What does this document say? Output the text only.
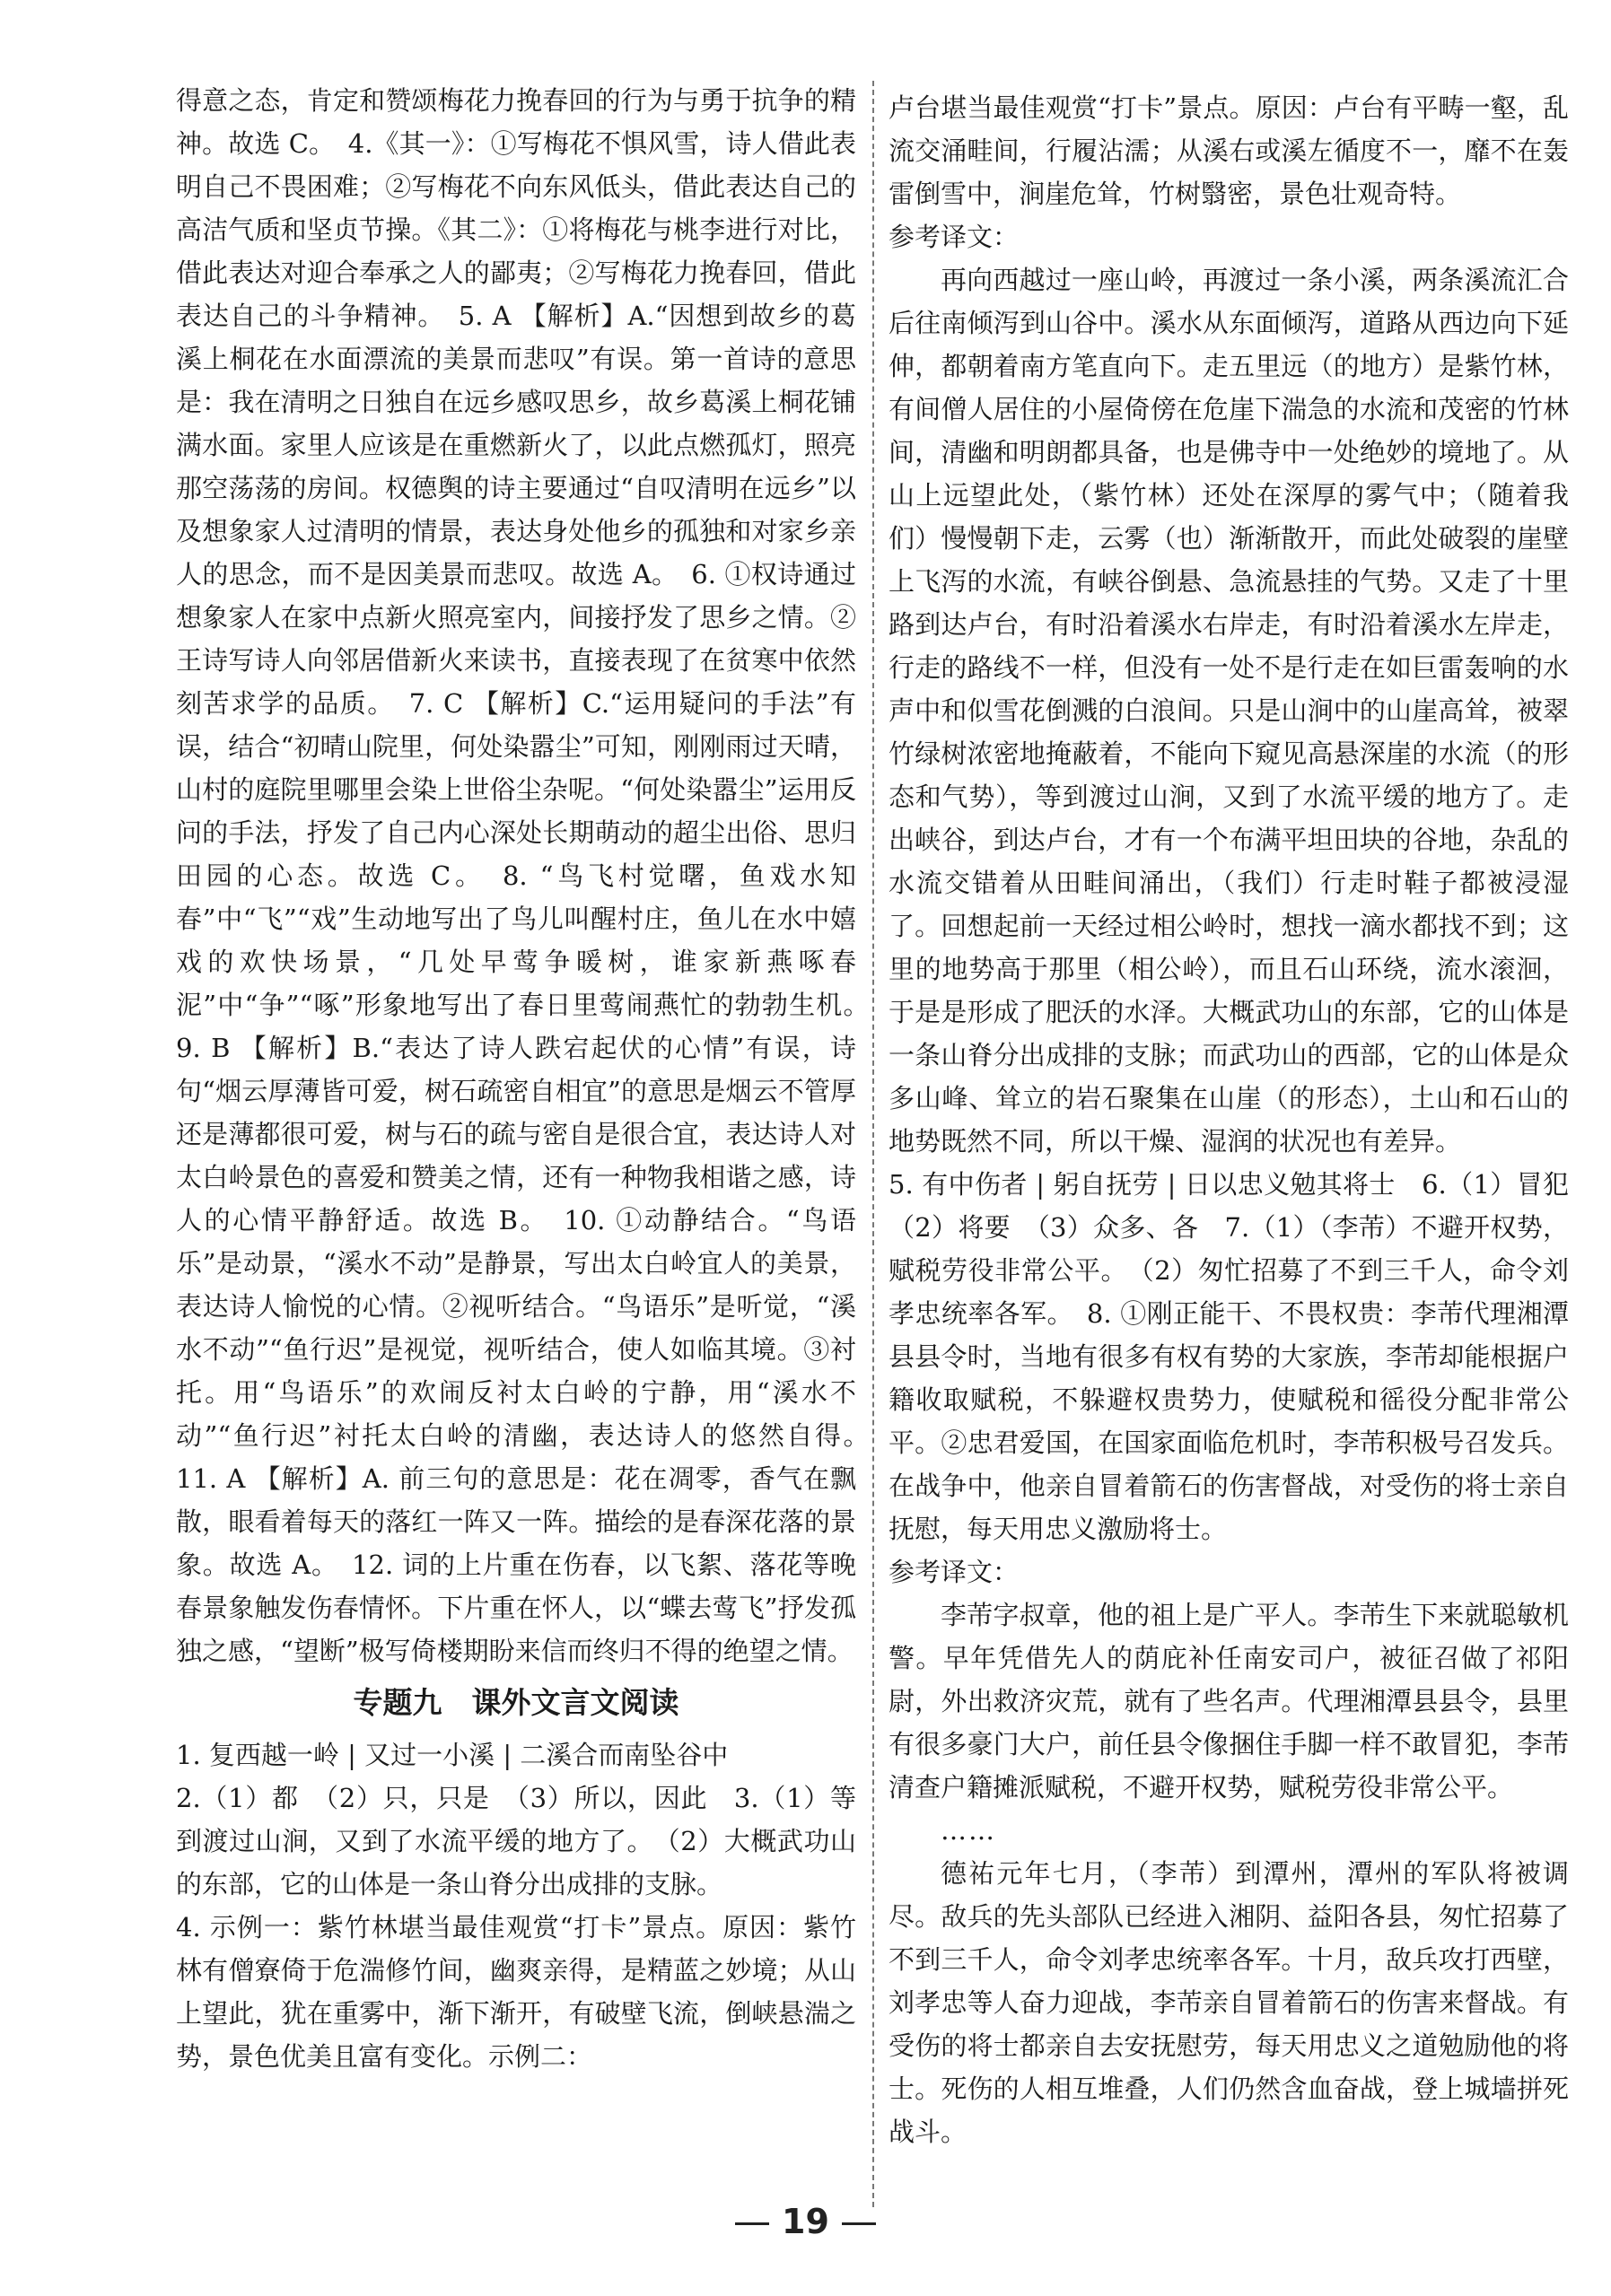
得意之态，肯定和赞颂梅花力挽春回的行为与勇于抗争的精神。故选 C。　4.《其一》：①写梅花不惧风雪，诗人借此表明自己不畏困难；②写梅花不向东风低头，借此表达自己的高洁气质和坚贞节操。《其二》：①将梅花与桃李进行对比，借此表达对迎合奉承之人的鄙夷；②写梅花力挽春回，借此表达自己的斗争精神。　5. A 【解析】A.“因想到故乡的葛溪上桐花在水面漂流的美景而悲叹”有误。第一首诗的意思是：我在清明之日独自在远乡感叹思乡，故乡葛溪上桐花铺满水面。家里人应该是在重燃新火了，以此点燃孤灯，照亮那空荡荡的房间。权德舆的诗主要通过“自叹清明在远乡”以及想象家人过清明的情景，表达身处他乡的孤独和对家乡亲人的思念，而不是因美景而悲叹。故选 A。　6. ①权诗通过想象家人在家中点新火照亮室内，间接抒发了思乡之情。②王诗写诗人向邻居借新火来读书，直接表现了在贫寒中依然刻苦求学的品质。　7. C 【解析】C.“运用疑问的手法”有误，结合“初晴山院里，何处染嚣尘”可知，刚刚雨过天晴，山村的庭院里哪里会染上世俗尘杂呢。“何处染嚣尘”运用反问的手法，抒发了自己内心深处长期萌动的超尘出俗、思归田园的心态。故选 C。　8. “鸟飞村觉曙，鱼戏水知春”中“飞”“戏”生动地写出了鸟儿叫醒村庄，鱼儿在水中嬉戏的欢快场景，“几处早莺争暖树，谁家新燕啄春泥”中“争”“啄”形象地写出了春日里莺闹燕忙的勃勃生机。　9. B 【解析】B.“表达了诗人跌宕起伏的心情”有误，诗句“烟云厚薄皆可爱，树石疏密自相宜”的意思是烟云不管厚还是薄都很可爱，树与石的疏与密自是很合宜，表达诗人对太白岭景色的喜爱和赞美之情，还有一种物我相谐之感，诗人的心情平静舒适。故选 B。　10. ①动静结合。“鸟语乐”是动景，“溪水不动”是静景，写出太白岭宜人的美景，表达诗人愉悦的心情。②视听结合。“鸟语乐”是听觉，“溪水不动”“鱼行迟”是视觉，视听结合，使人如临其境。③衬托。用“鸟语乐”的欢闹反衬太白岭的宁静，用“溪水不动”“鱼行迟”衬托太白岭的清幽，表达诗人的悠然自得。　11. A 【解析】A. 前三句的意思是：花在凋零，香气在飘散，眼看着每天的落红一阵又一阵。描绘的是春深花落的景象。故选 A。　12. 词的上片重在伤春，以飞絮、落花等晚春景象触发伤春情怀。下片重在怀人，以“蝶去莺飞”抒发孤独之感，“望断”极写倚楼期盼来信而终归不得的绝望之情。

专题九　课外文言文阅读

1. 复西越一岭 | 又过一小溪 | 二溪合而南坠谷中

2.（1）都　（2）只，只是　（3）所以，因此　3.（1）等到渡过山涧，又到了水流平缓的地方了。　（2）大概武功山的东部，它的山体是一条山脊分出成排的支脉。

4. 示例一：紫竹林堪当最佳观赏“打卡”景点。原因：紫竹林有僧寮倚于危湍修竹间，幽爽亲得，是精蓝之妙境；从山上望此，犹在重雾中，渐下渐开，有破壁飞流，倒峡悬湍之势，景色优美且富有变化。示例二：

卢台堪当最佳观赏“打卡”景点。原因：卢台有平畴一壑，乱流交涌畦间，行履沾濡；从溪右或溪左循度不一，靡不在轰雷倒雪中，涧崖危耸，竹树翳密，景色壮观奇特。

参考译文：

再向西越过一座山岭，再渡过一条小溪，两条溪流汇合后往南倾泻到山谷中。溪水从东面倾泻，道路从西边向下延伸，都朝着南方笔直向下。走五里远（的地方）是紫竹林，有间僧人居住的小屋倚傍在危崖下湍急的水流和茂密的竹林间，清幽和明朗都具备，也是佛寺中一处绝妙的境地了。从山上远望此处，（紫竹林）还处在深厚的雾气中；（随着我们）慢慢朝下走，云雾（也）渐渐散开，而此处破裂的崖壁上飞泻的水流，有峡谷倒悬、急流悬挂的气势。又走了十里路到达卢台，有时沿着溪水右岸走，有时沿着溪水左岸走，行走的路线不一样，但没有一处不是行走在如巨雷轰响的水声中和似雪花倒溅的白浪间。只是山涧中的山崖高耸，被翠竹绿树浓密地掩蔽着，不能向下窥见高悬深崖的水流（的形态和气势），等到渡过山涧，又到了水流平缓的地方了。走出峡谷，到达卢台，才有一个布满平坦田块的谷地，杂乱的水流交错着从田畦间涌出，（我们）行走时鞋子都被浸湿了。回想起前一天经过相公岭时，想找一滴水都找不到；这里的地势高于那里（相公岭），而且石山环绕，流水滚洄，于是是形成了肥沃的水泽。大概武功山的东部，它的山体是一条山脊分出成排的支脉；而武功山的西部，它的山体是众多山峰、耸立的岩石聚集在山崖（的形态），土山和石山的地势既然不同，所以干燥、湿润的状况也有差异。

5. 有中伤者 | 躬自抚劳 | 日以忠义勉其将士　6.（1）冒犯　（2）将要　（3）众多、各　7.（1）（李芾）不避开权势，赋税劳役非常公平。　（2）匆忙招募了不到三千人，命令刘孝忠统率各军。　8. ①刚正能干、不畏权贵：李芾代理湘潭县县令时，当地有很多有权有势的大家族，李芾却能根据户籍收取赋税，不躲避权贵势力，使赋税和徭役分配非常公平。②忠君爱国，在国家面临危机时，李芾积极号召发兵。在战争中，他亲自冒着箭石的伤害督战，对受伤的将士亲自抚慰，每天用忠义激励将士。

参考译文：

李芾字叔章，他的祖上是广平人。李芾生下来就聪敏机警。早年凭借先人的荫庇补任南安司户，被征召做了祁阳尉，外出救济灾荒，就有了些名声。代理湘潭县县令，县里有很多豪门大户，前任县令像捆住手脚一样不敢冒犯，李芾清查户籍摊派赋税，不避开权势，赋税劳役非常公平。

……

德祐元年七月，（李芾）到潭州，潭州的军队将被调尽。敌兵的先头部队已经进入湘阴、益阳各县，匆忙招募了不到三千人，命令刘孝忠统率各军。十月，敌兵攻打西壁，刘孝忠等人奋力迎战，李芾亲自冒着箭石的伤害来督战。有受伤的将士都亲自去安抚慰劳，每天用忠义之道勉励他的将士。死伤的人相互堆叠，人们仍然含血奋战，登上城墙拼死战斗。

19
